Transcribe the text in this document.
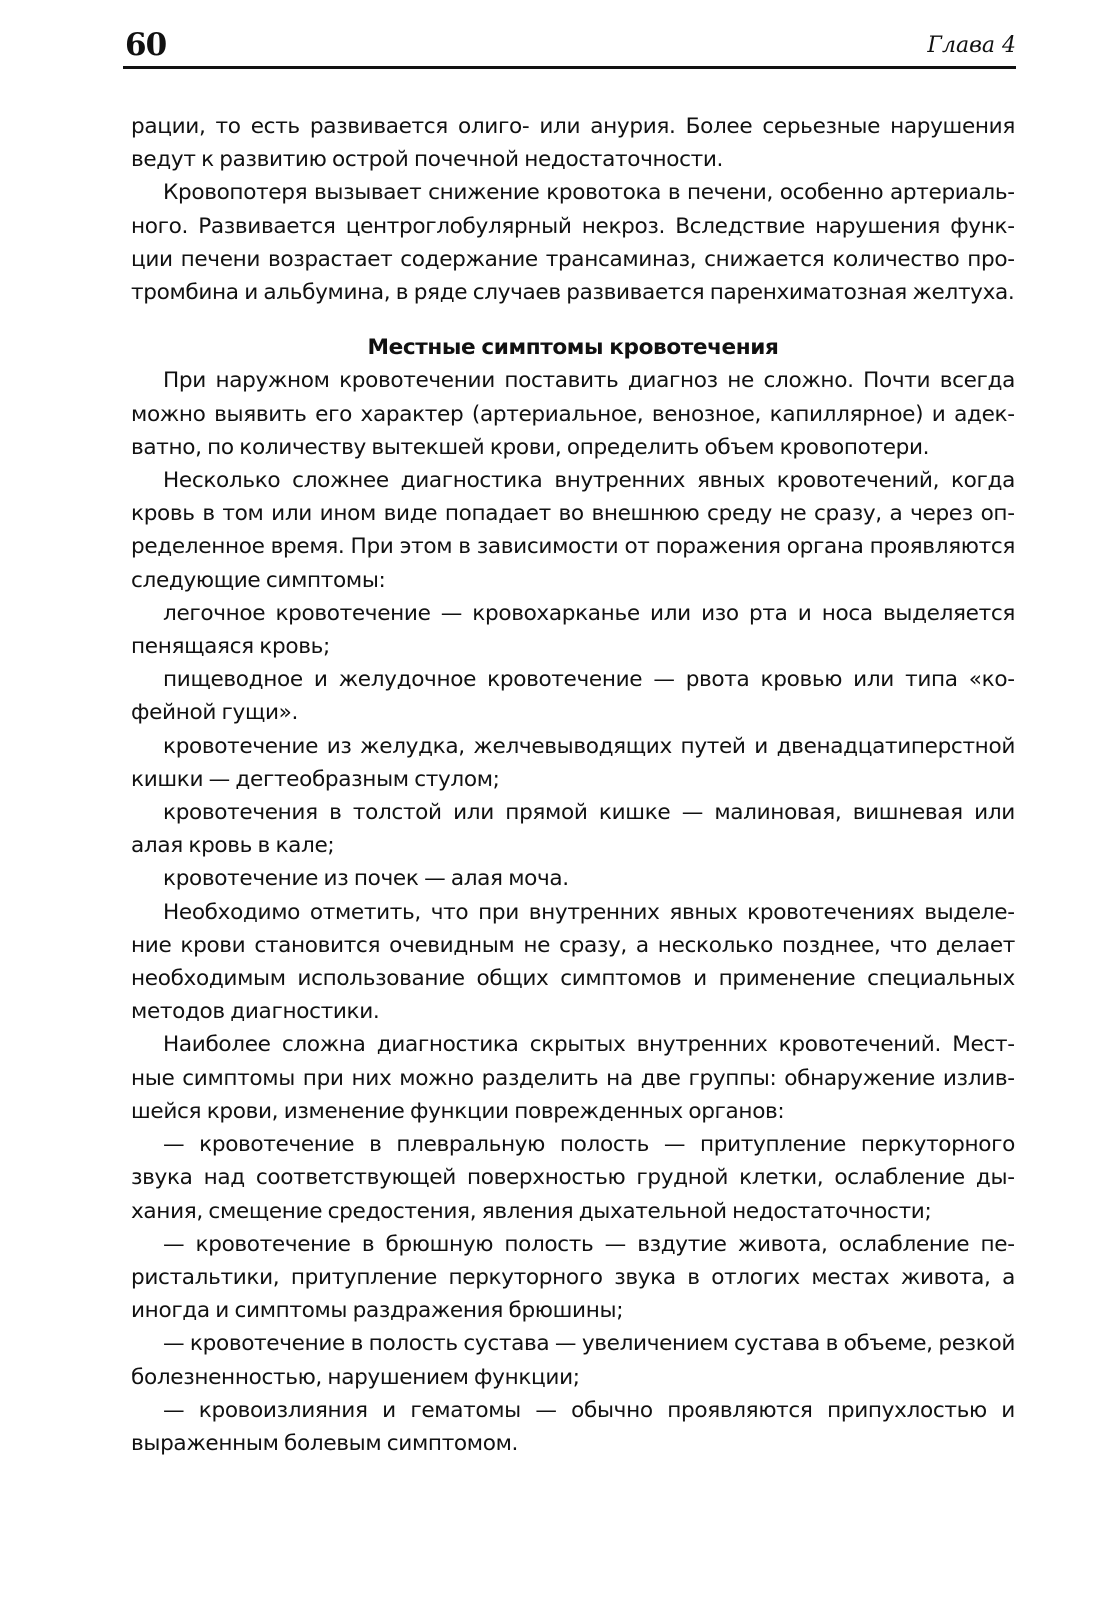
60	Глава 4

рации, то есть развивается олиго- или анурия. Более серьезные нарушения ведут к развитию острой почечной недостаточности.

Кровопотеря вызывает снижение кровотока в печени, особенно артериального. Развивается центроглобулярный некроз. Вследствие нарушения функции печени возрастает содержание трансаминаз, снижается количество протромбина и альбумина, в ряде случаев развивается паренхиматозная желтуха.

Местные симптомы кровотечения

При наружном кровотечении поставить диагноз не сложно. Почти всегда можно выявить его характер (артериальное, венозное, капиллярное) и адекватно, по количеству вытекшей крови, определить объем кровопотери.

Несколько сложнее диагностика внутренних явных кровотечений, когда кровь в том или ином виде попадает во внешнюю среду не сразу, а через определенное время. При этом в зависимости от поражения органа проявляются следующие симптомы:

легочное кровотечение — кровохарканье или изо рта и носа выделяется пенящаяся кровь;

пищеводное и желудочное кровотечение — рвота кровью или типа «кофейной гущи».

кровотечение из желудка, желчевыводящих путей и двенадцатиперстной кишки — дегтеобразным стулом;

кровотечения в толстой или прямой кишке — малиновая, вишневая или алая кровь в кале;

кровотечение из почек — алая моча.

Необходимо отметить, что при внутренних явных кровотечениях выделение крови становится очевидным не сразу, а несколько позднее, что делает необходимым использование общих симптомов и применение специальных методов диагностики.

Наиболее сложна диагностика скрытых внутренних кровотечений. Местные симптомы при них можно разделить на две группы: обнаружение излившейся крови, изменение функции поврежденных органов:

— кровотечение в плевральную полость — притупление перкуторного звука над соответствующей поверхностью грудной клетки, ослабление дыхания, смещение средостения, явления дыхательной недостаточности;

— кровотечение в брюшную полость — вздутие живота, ослабление перистальтики, притупление перкуторного звука в отлогих местах живота, а иногда и симптомы раздражения брюшины;

— кровотечение в полость сустава — увеличением сустава в объеме, резкой болезненностью, нарушением функции;

— кровоизлияния и гематомы — обычно проявляются припухлостью и выраженным болевым симптомом.
